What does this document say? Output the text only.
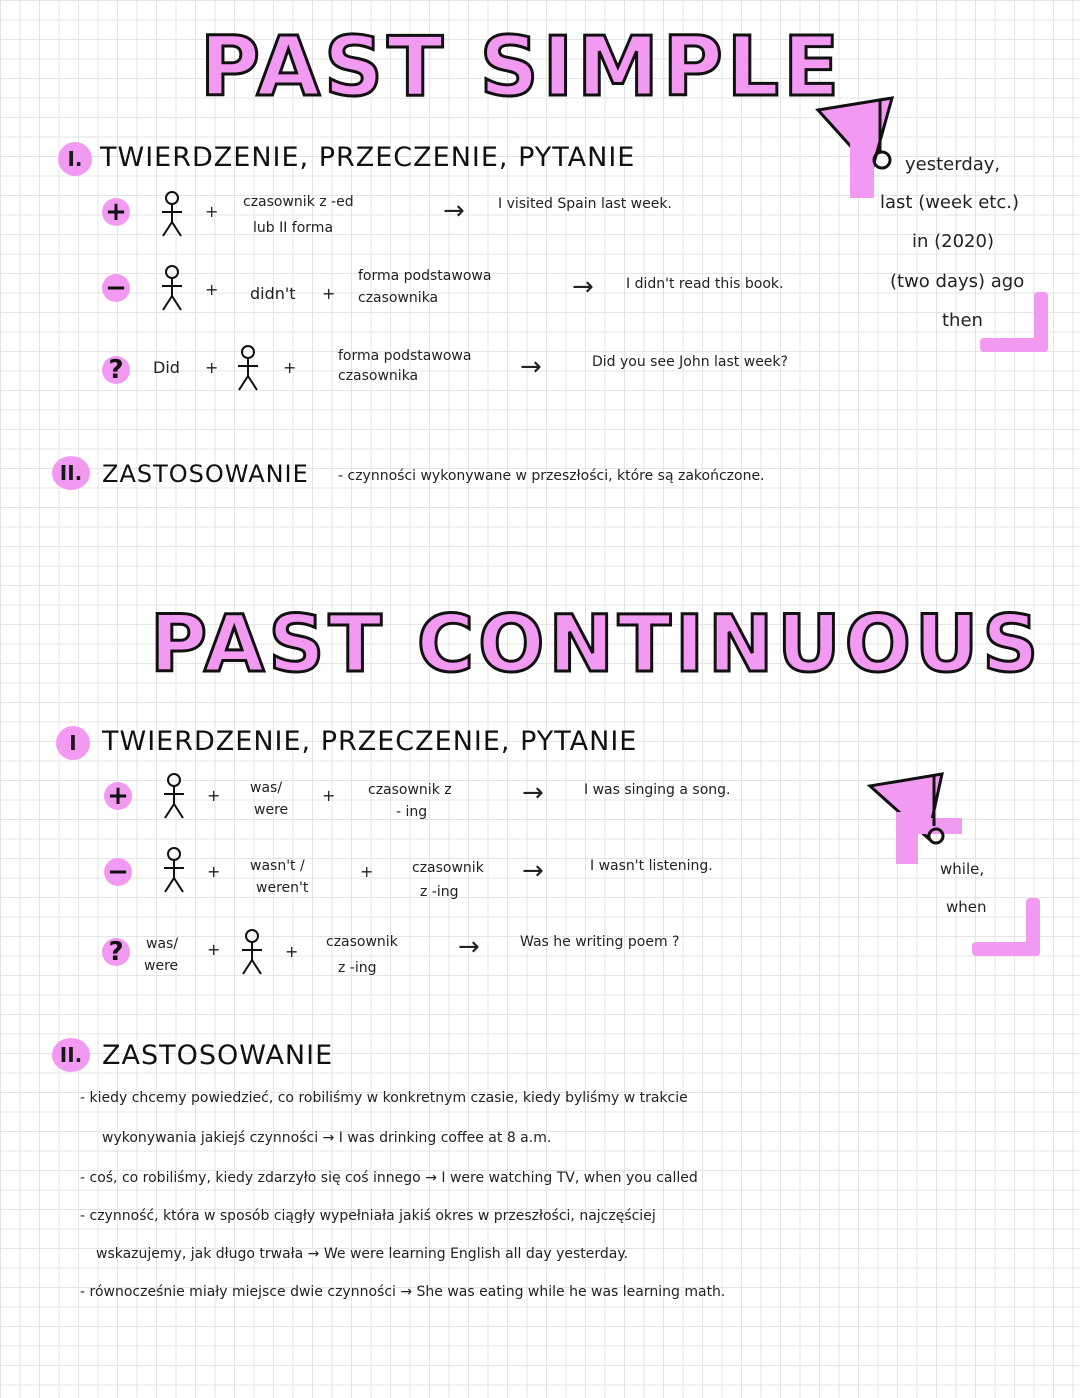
PAST SIMPLE
I. TWIERDZENIE, PRZECZENIE, PYTANIE	yesterday,
last (week etc.)
in (2020)
(two days) ago
then
+	+ czasownik z -ed
lub II forma
→ I visited Spain last week.
−	+ didn't +
forma podstawowa
czasownika	→ I didn't read this book.
?	Did +	+
forma podstawowa
czasownika	→	Did you see John last week?
II. ZASTOSOWANIE - czynności wykonywane w przeszłości, które są zakończone.
PAST CONTINUOUS
I TWIERDZENIE, PRZECZENIE, PYTANIE
while,
when
+	+ was/
were
+ czasownik z
- ing
→	I was singing a song.
−	+ wasn't /
weren't
+	czasownik
z -ing
→	I wasn't listening.
?	was/
were
+	+ czasownik
z -ing
→	Was he writing poem ?
II. ZASTOSOWANIE
- kiedy chcemy powiedzieć, co robiliśmy w konkretnym czasie, kiedy byliśmy w trakcie
wykonywania jakiejś czynności → I was drinking coffee at 8 a.m.
- coś, co robiliśmy, kiedy zdarzyło się coś innego → I were watching TV, when you called
- czynność, która w sposób ciągły wypełniała jakiś okres w przeszłości, najczęściej
wskazujemy, jak długo trwała → We were learning English all day yesterday.
- równocześnie miały miejsce dwie czynności → She was eating while he was learning math.
